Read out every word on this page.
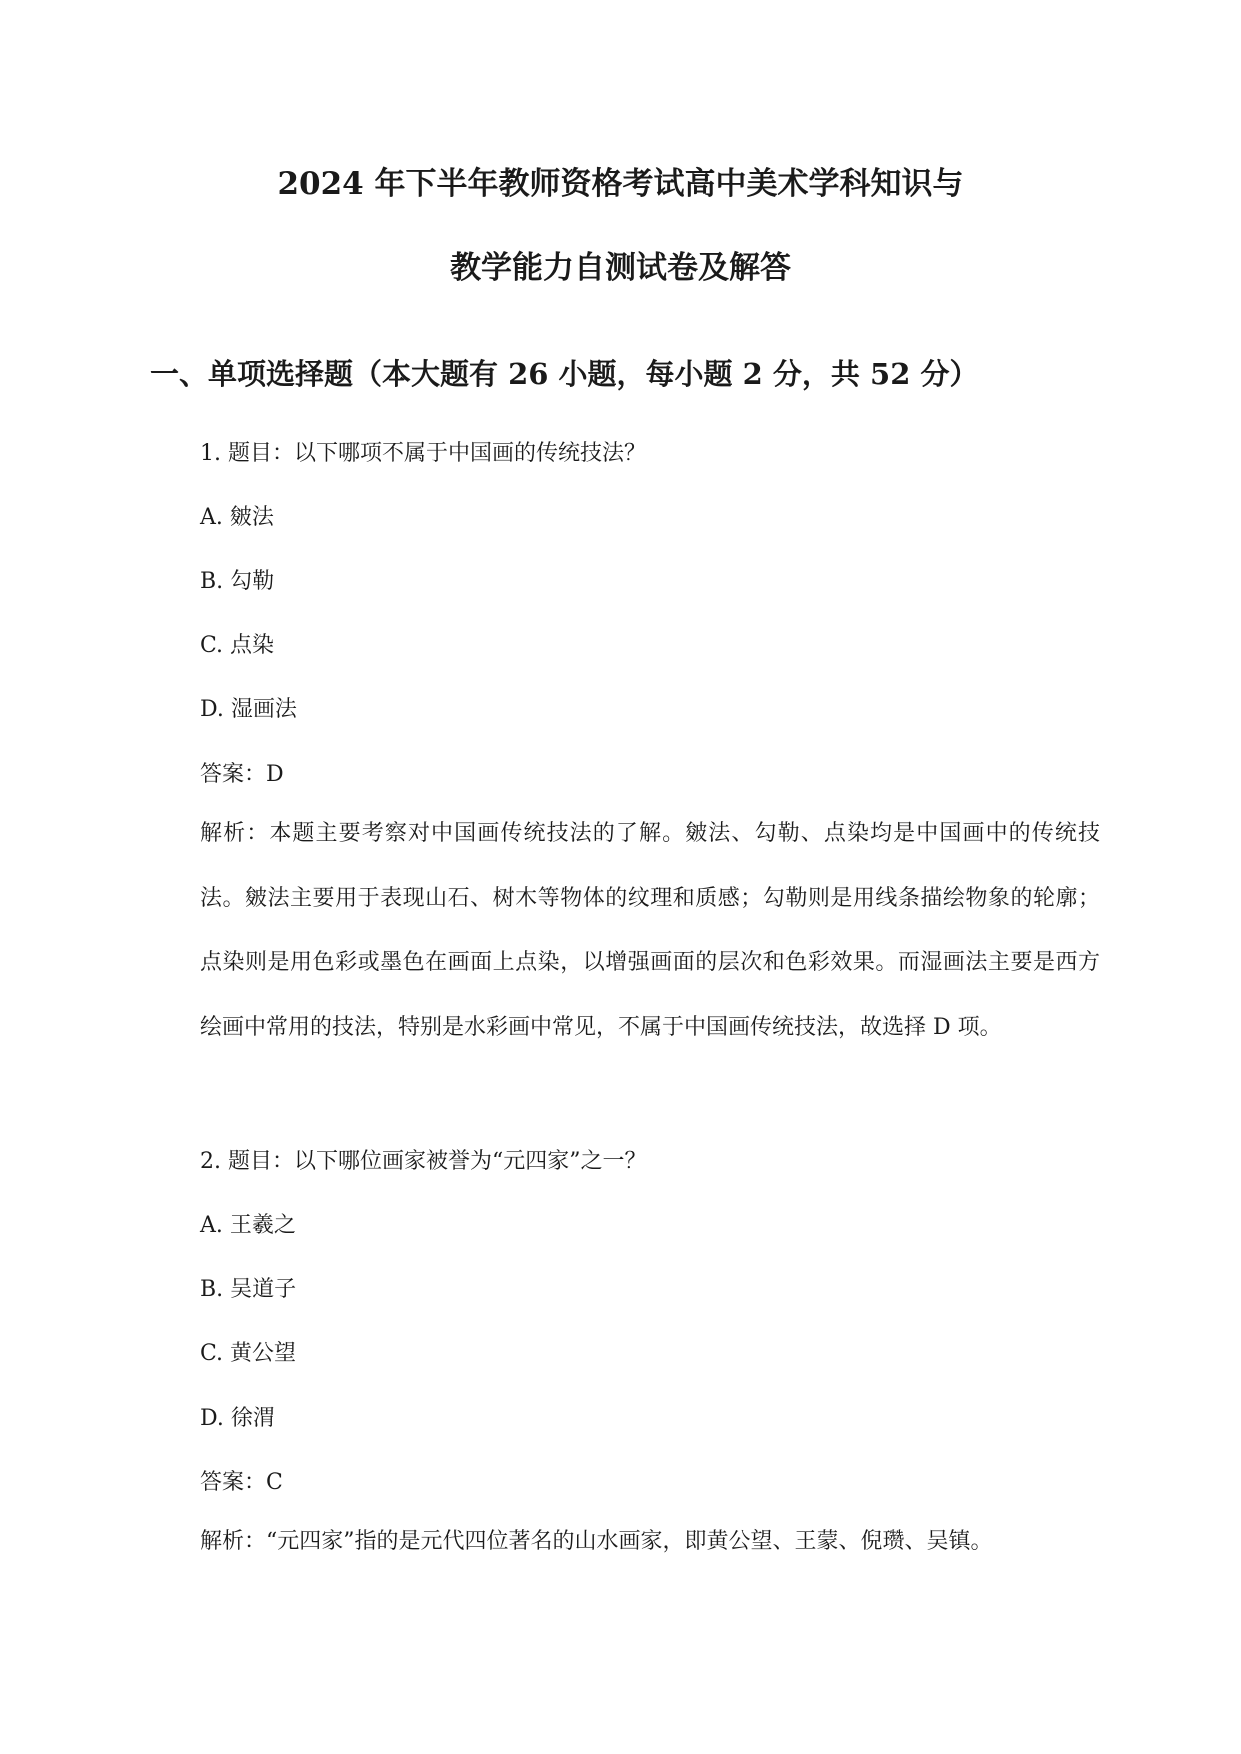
2024 年下半年教师资格考试高中美术学科知识与
教学能力自测试卷及解答
一、单项选择题（本大题有 26 小题，每小题 2 分，共 52 分）
1. 题目：以下哪项不属于中国画的传统技法？
A. 皴法
B. 勾勒
C. 点染
D. 湿画法
答案：D
解析：本题主要考察对中国画传统技法的了解。皴法、勾勒、点染均是中国画中的传统技法。皴法主要用于表现山石、树木等物体的纹理和质感；勾勒则是用线条描绘物象的轮廓；点染则是用色彩或墨色在画面上点染，以增强画面的层次和色彩效果。而湿画法主要是西方绘画中常用的技法，特别是水彩画中常见，不属于中国画传统技法，故选择 D 项。
2. 题目：以下哪位画家被誉为“元四家”之一？
A. 王羲之
B. 吴道子
C. 黄公望
D. 徐渭
答案：C
解析：“元四家”指的是元代四位著名的山水画家，即黄公望、王蒙、倪瓒、吴镇。
